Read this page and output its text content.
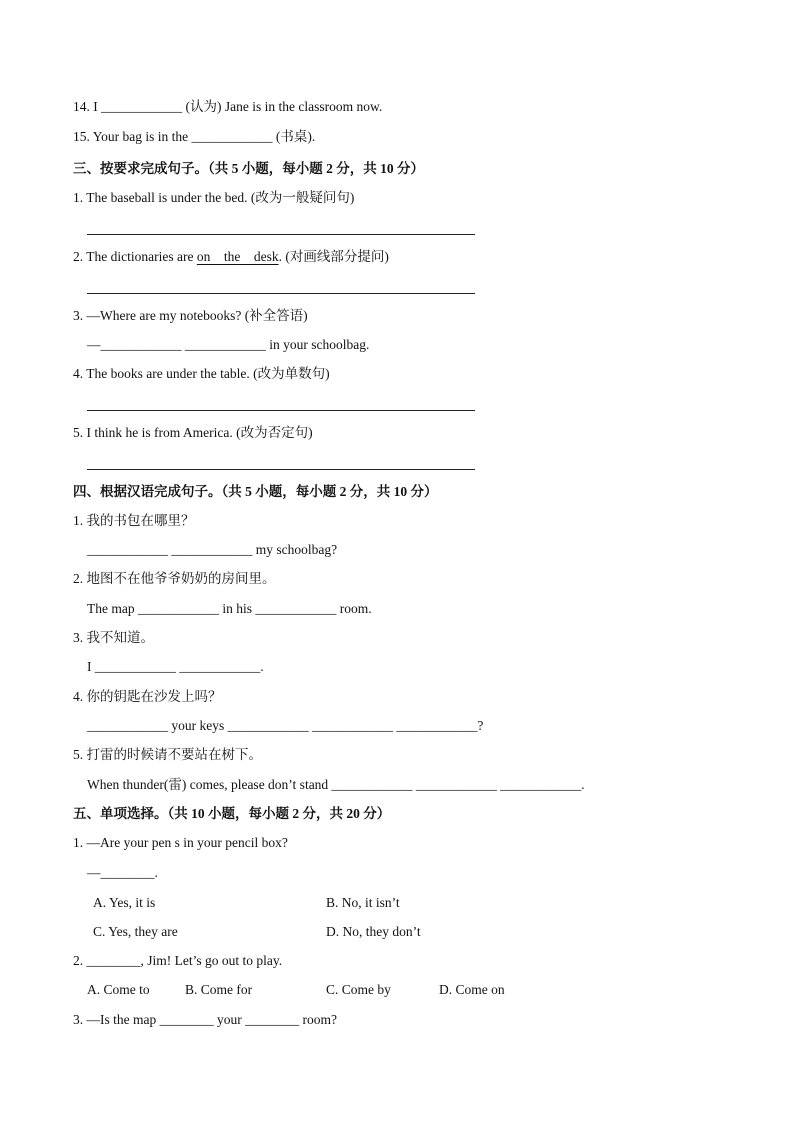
14. I ____________ (认为) Jane is in the classroom now.
15. Your bag is in the ____________ (书桌).
三、按要求完成句子。（共 5 小题，每小题 2 分，共 10 分）
1. The baseball is under the bed. (改为一般疑问句)
2. The dictionaries are on    the    desk. (对画线部分提问)
3. —Where are my notebooks? (补全答语)
—____________ ____________ in your schoolbag.
4. The books are under the table. (改为单数句)
5. I think he is from America. (改为否定句)
四、根据汉语完成句子。（共 5 小题，每小题 2 分，共 10 分）
1. 我的书包在哪里？
____________ ____________ my schoolbag?
2. 地图不在他爷爷奶奶的房间里。
The map ____________ in his ____________ room.
3. 我不知道。
I ____________ ____________.
4. 你的钥匙在沙发上吗？
____________ your keys ____________ ____________ ____________?
5. 打雷的时候请不要站在树下。
When thunder(雷) comes, please don’t stand ____________ ____________ ____________.
五、单项选择。（共 10 小题，每小题 2 分，共 20 分）
1. —Are your pen s in your pencil box?
—________.
A. Yes, it is	B. No, it isn’t
C. Yes, they are	D. No, they don’t
2. ________, Jim! Let’s go out to play.
A. Come to	B. Come for	C. Come by	D. Come on
3. —Is the map ________ your ________ room?
